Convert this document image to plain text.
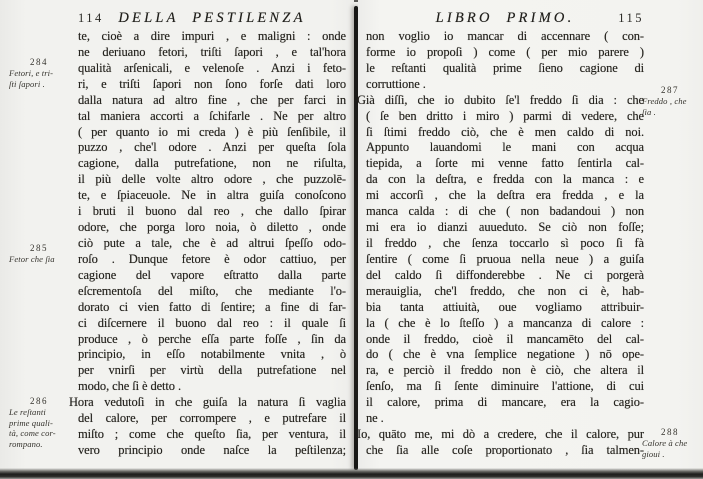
284
Fetori, e tri-
ſti ſapori .
285
Fetor che ſia
286
Le reſtanti
prime quali-
tà, come cor-
rompano.
114	DELLA PESTILENZA
te, cioè a dire impuri , e maligni : onde
ne deriuano fetori, triſti ſapori , e tal'hora
qualità arſenicali, e velenoſe . Anzi i feto-
ri, e triſti ſapori non ſono forſe dati loro
dalla natura ad altro fine , che per farci in
tal maniera accorti a ſchifarle . Ne per altro
( per quanto io mi creda ) è più ſenſibile, il
puzzo , che'l odore . Anzi per queſta ſola
cagione, dalla putrefatione, non ne riſulta,
il più delle volte altro odore , che puzzolē-
te, e ſpiaceuole. Ne in altra guiſa conoſcono
i bruti il buono dal reo , che dallo ſpirar
odore, che porga loro noia, ò diletto , onde
ciò pute a tale, che è ad altrui ſpeſſo odo-
roſo . Dunque fetore è odor cattiuo, per
cagione del vapore eſtratto dalla parte
eſcrementoſa del miſto, che mediante l'o-
dorato ci vien fatto di ſentire; a fine di far-
ci diſcernere il buono dal reo : il quale ſi
produce , ò perche eſſa parte foſſe , ſin da
principio, in eſſo notabilmente vnita , ò
per vnirſi per virtù della putrefatione nel
modo, che ſi è detto .
Hora vedutoſi in che guiſa la natura ſi vaglia
del calore, per corrompere , e putrefare il
miſto ; come che queſto ſia, per ventura, il
vero principio onde naſce la peſtilenza;
LIBRO PRIMO.	115
non voglio io mancar di accennare ( con-
forme io propoſi ) come ( per mio parere )
le reſtanti qualità prime ſieno cagione di
corruttione .
Già diſſi, che io dubito ſe'l freddo ſi dia : che
( ſe ben dritto i miro ) parmi di vedere, che
ſi ſtimi freddo ciò, che è men caldo di noi.
Appunto lauandomi le mani con acqua
tiepida, a ſorte mi venne fatto ſentirla cal-
da con la deſtra, e fredda con la manca : e
mi accorſi , che la deſtra era fredda , e la
manca calda : di che ( non badandoui ) non
mi era io dianzi auueduto. Se ciò non foſſe;
il freddo , che ſenza toccarlo sì poco ſi fà
ſentire ( come ſi pruoua nella neue ) a guiſa
del caldo ſi diffonderebbe . Ne ci porgerà
merauiglia, che'l freddo, che non ci è, hab-
bia tanta attiuità, oue vogliamo attribuir-
la ( che è lo ſteſſo ) a mancanza di calore :
onde il freddo, cioè il mancamēto del cal-
do ( che è vna ſemplice negatione ) nō ope-
ra, e perciò il freddo non è ciò, che altera il
ſenſo, ma ſi ſente diminuire l'attione, di cui
il calore, prima di mancare, era la cagio-
ne .
Io, quāto me, mi dò a credere, che il calore, pur
che ſia alle coſe proportionato , ſia talmen-
287
Freddo , che
ſia .
288
Calore à che
gioui .
